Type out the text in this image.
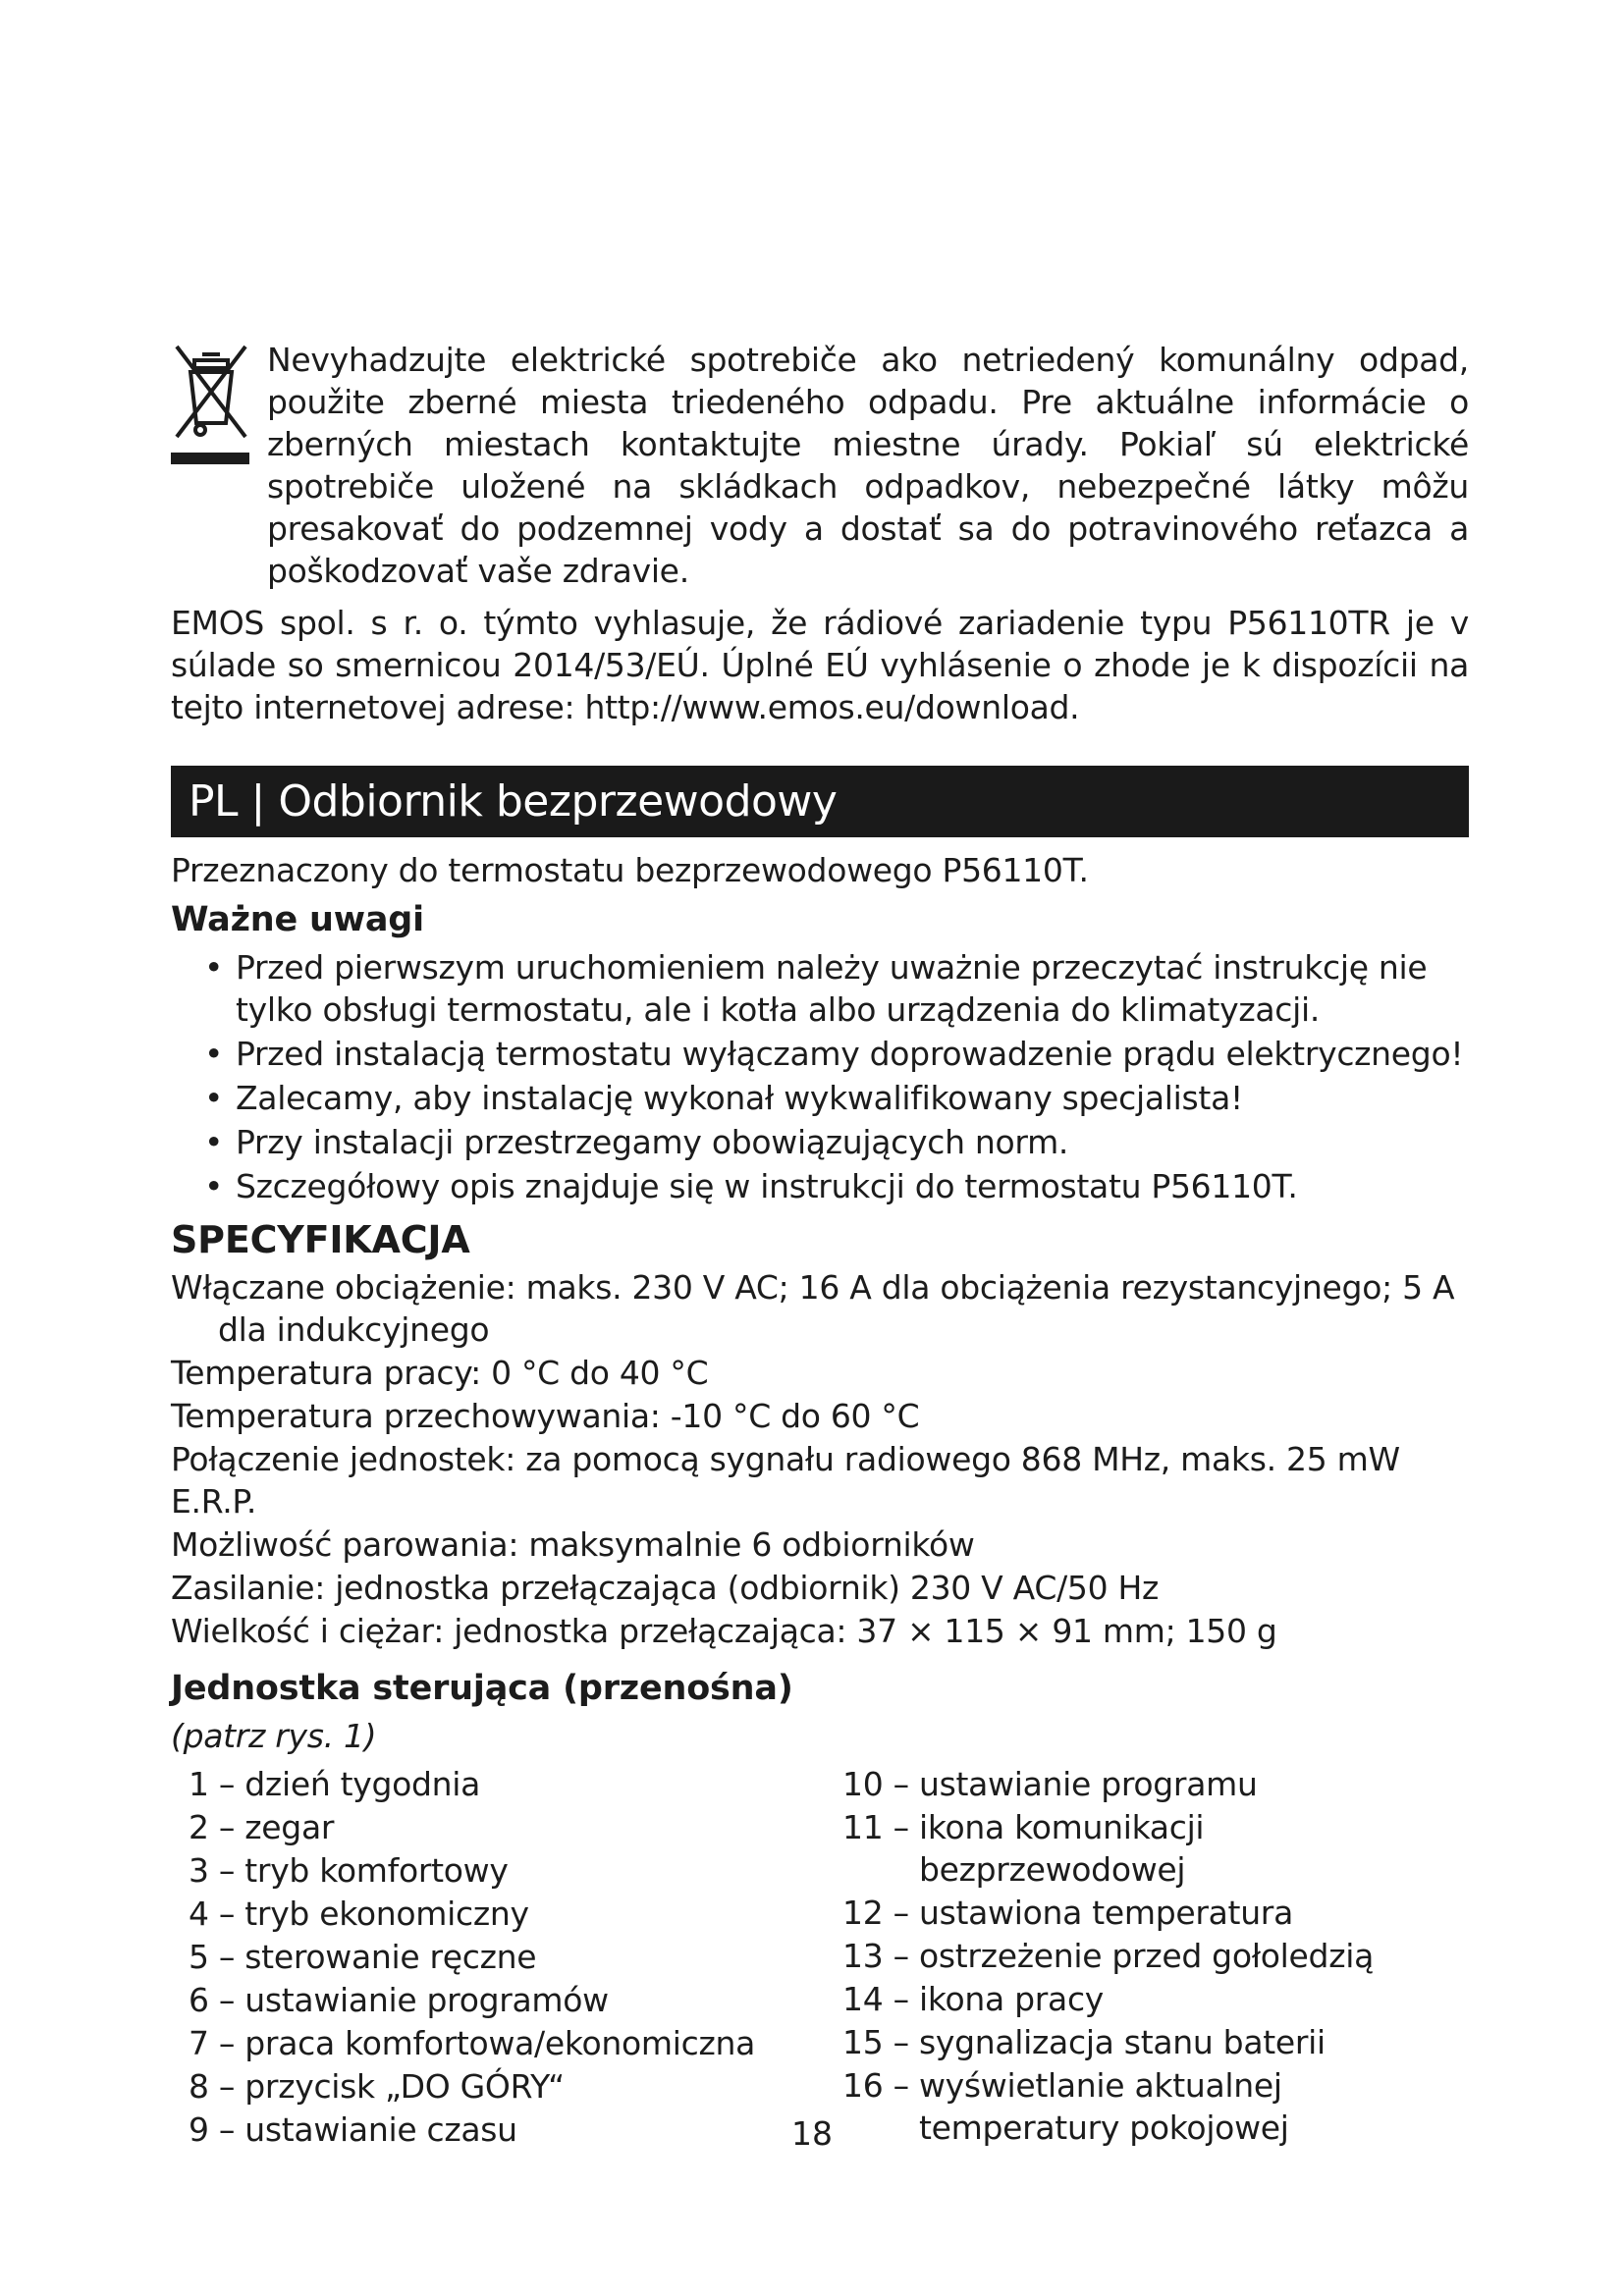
Nevyhadzujte elektrické spotrebiče ako netriedený komunálny odpad, použite zberné miesta triedeného odpadu. Pre aktuálne informácie o zberných miestach kontaktujte miestne úrady. Pokiaľ sú elektrické spotrebiče uložené na skládkach odpadkov, nebezpečné látky môžu presakovať do podzemnej vody a dostať sa do potravinového reťazca a poškodzovať vaše zdravie.

EMOS spol. s r. o. týmto vyhlasuje, že rádiové zariadenie typu P56110TR je v súlade so smernicou 2014/53/EÚ. Úplné EÚ vyhlásenie o zhode je k dispozícii na tejto internetovej adrese: http://www.emos.eu/download.

PL | Odbiornik bezprzewodowy

Przeznaczony do termostatu bezprzewodowego P56110T.

Ważne uwagi
• Przed pierwszym uruchomieniem należy uważnie przeczytać instrukcję nie tylko obsługi termostatu, ale i kotła albo urządzenia do klimatyzacji.
• Przed instalacją termostatu wyłączamy doprowadzenie prądu elektrycznego!
• Zalecamy, aby instalację wykonał wykwalifikowany specjalista!
• Przy instalacji przestrzegamy obowiązujących norm.
• Szczegółowy opis znajduje się w instrukcji do termostatu P56110T.
SPECYFIKACJA

Włączane obciążenie: maks. 230 V AC; 16 A dla obciążenia rezystancyjnego; 5 A dla indukcyjnego

Temperatura pracy: 0 °C do 40 °C

Temperatura przechowywania: -10 °C do 60 °C

Połączenie jednostek: za pomocą sygnału radiowego 868 MHz, maks. 25 mW E.R.P.

Możliwość parowania: maksymalnie 6 odbiorników

Zasilanie: jednostka przełączająca (odbiornik) 230 V AC/50 Hz

Wielkość i ciężar: jednostka przełączająca: 37 × 115 × 91 mm; 150 g

Jednostka sterująca (przenośna)

(patrz rys. 1)

1 – dzień tygodnia
2 – zegar
3 – tryb komfortowy
4 – tryb ekonomiczny
5 – sterowanie ręczne
6 – ustawianie programów
7 – praca komfortowa/ekonomiczna
8 – przycisk „DO GÓRY“
9 – ustawianie czasu
10 – ustawianie programu
11 – ikona komunikacji bezprzewodowej
12 – ustawiona temperatura
13 – ostrzeżenie przed gołoledzią
14 – ikona pracy
15 – sygnalizacja stanu baterii
16 – wyświetlanie aktualnej temperatury pokojowej
18
